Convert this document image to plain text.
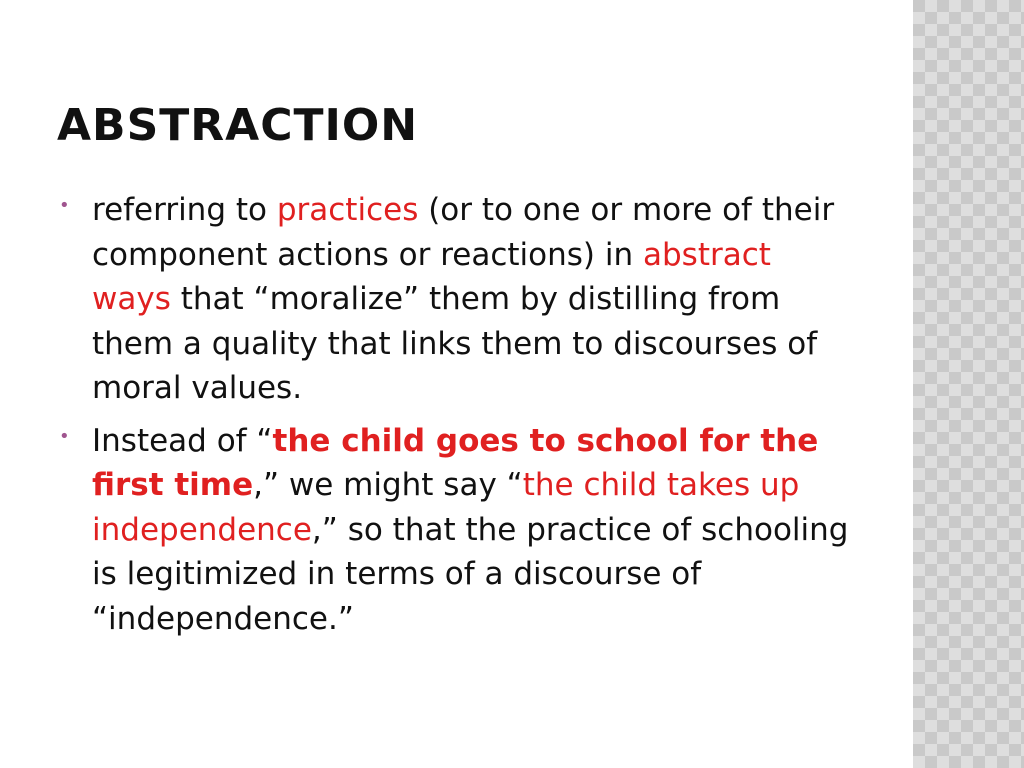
ABSTRACTION
• referring to practices (or to one or more of their component actions or reactions) in abstract ways that “moralize” them by distilling from them a quality that links them to discourses of moral values.
• Instead of “the child goes to school for the first time,” we might say “the child takes up independence,” so that the practice of schooling is legitimized in terms of a discourse of “independence.”
